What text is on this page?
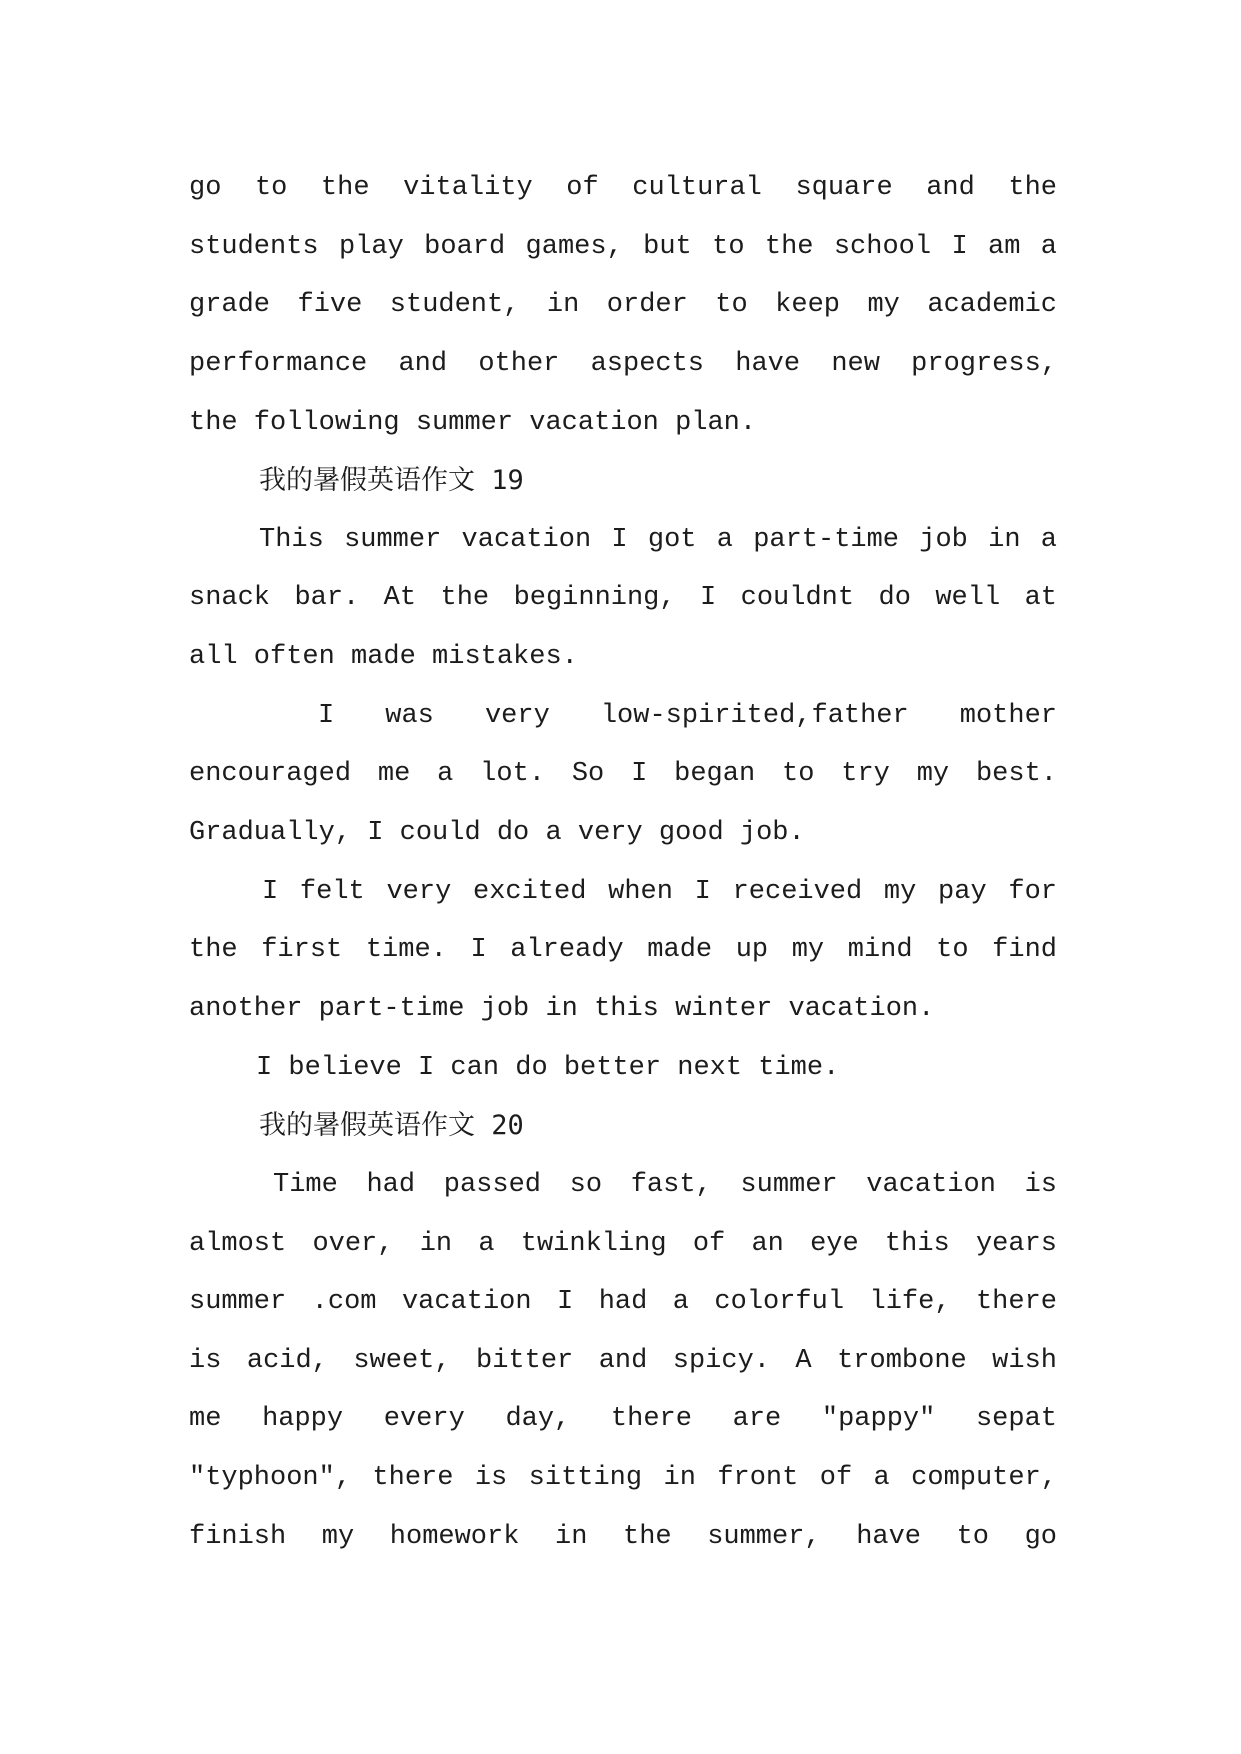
go to the vitality of cultural square and the
students play board games, but to the school I am a
grade five student, in order to keep my academic
performance and other aspects have new progress,
the following summer vacation plan.
我的暑假英语作文 19
This summer vacation I got a part-time job in a
snack bar. At the beginning, I couldnt do well at
all often made mistakes.
I was very low-spirited,father mother
encouraged me a lot. So I began to try my best.
Gradually, I could do a very good job.
I felt very excited when I received my pay for
the first time. I already made up my mind to find
another part-time job in this winter vacation.
I believe I can do better next time.
我的暑假英语作文 20
Time had passed so fast, summer vacation is
almost over, in a twinkling of an eye this years
summer .com vacation I had a colorful life, there
is acid, sweet, bitter and spicy. A trombone wish
me happy every day, there are "pappy" sepat
"typhoon", there is sitting in front of a computer,
finish my homework in the summer, have to go
